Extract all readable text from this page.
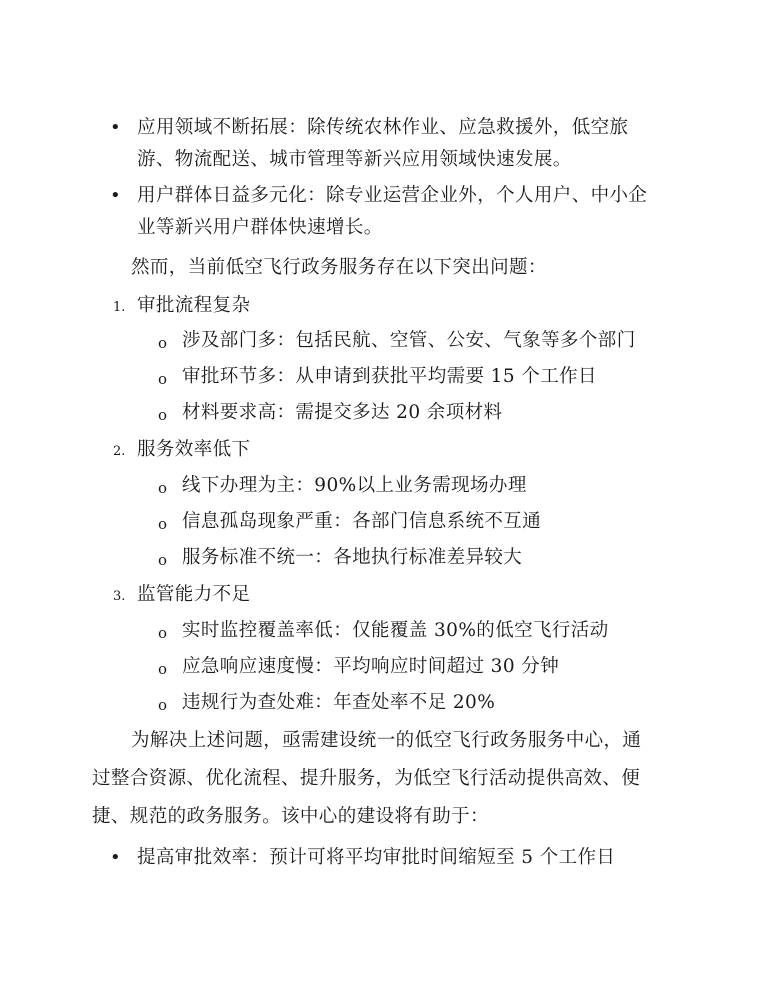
• 应用领域不断拓展：除传统农林作业、应急救援外，低空旅
游、物流配送、城市管理等新兴应用领域快速发展。
• 用户群体日益多元化：除专业运营企业外，个人用户、中小企
业等新兴用户群体快速增长。
然而，当前低空飞行政务服务存在以下突出问题：
1. 审批流程复杂
o 涉及部门多：包括民航、空管、公安、气象等多个部门
o 审批环节多：从申请到获批平均需要 15 个工作日
o 材料要求高：需提交多达 20 余项材料
2. 服务效率低下
o 线下办理为主：90%以上业务需现场办理
o 信息孤岛现象严重：各部门信息系统不互通
o 服务标准不统一：各地执行标准差异较大
3. 监管能力不足
o 实时监控覆盖率低：仅能覆盖 30%的低空飞行活动
o 应急响应速度慢：平均响应时间超过 30 分钟
o 违规行为查处难：年查处率不足 20%
为解决上述问题，亟需建设统一的低空飞行政务服务中心，通
过整合资源、优化流程、提升服务，为低空飞行活动提供高效、便
捷、规范的政务服务。该中心的建设将有助于：
• 提高审批效率：预计可将平均审批时间缩短至 5 个工作日
